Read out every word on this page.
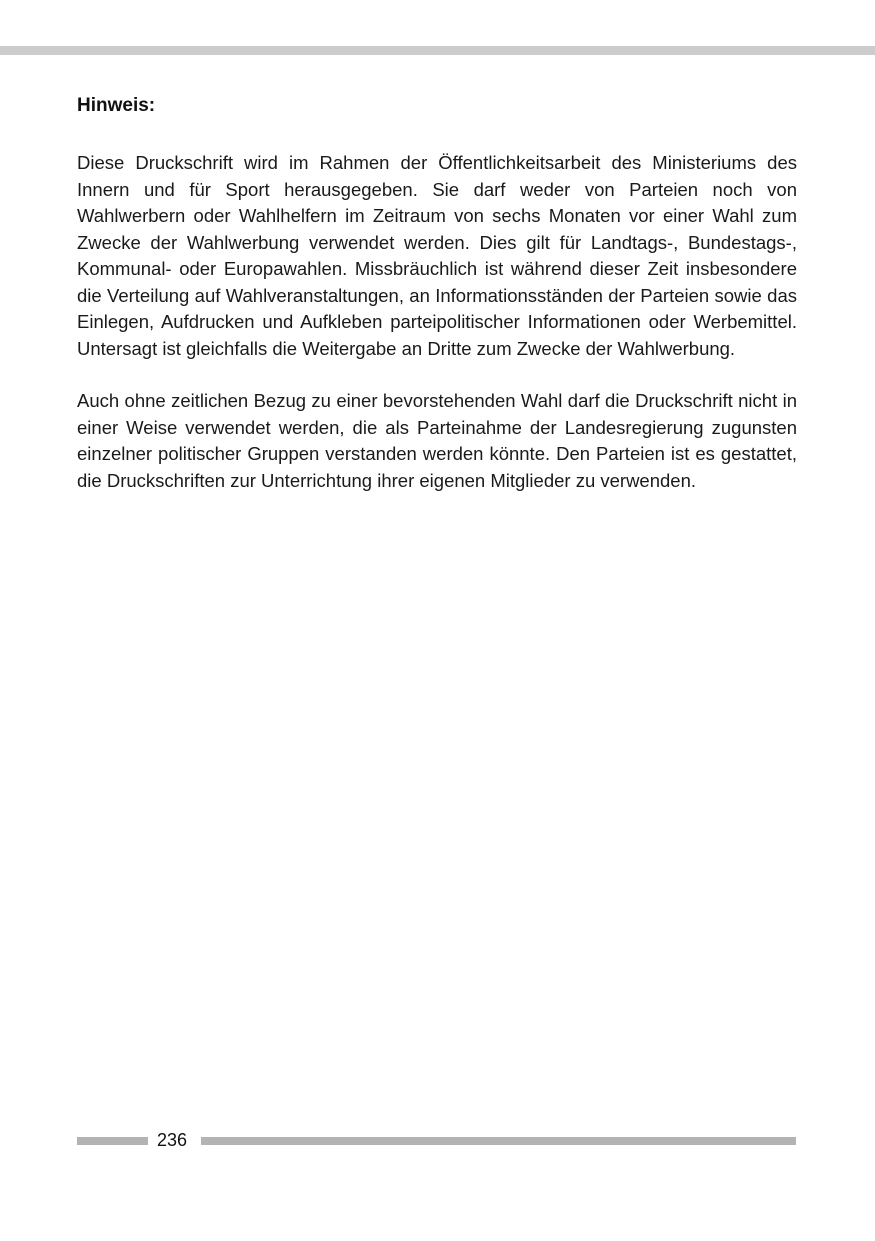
Hinweis:

Diese Druckschrift wird im Rahmen der Öffentlichkeitsarbeit des Ministeriums des Innern und für Sport herausgegeben. Sie darf weder von Parteien noch von Wahlwerbern oder Wahlhelfern im Zeitraum von sechs Monaten vor einer Wahl zum Zwecke der Wahlwerbung verwendet werden. Dies gilt für Landtags-, Bundestags-, Kommunal- oder Europawahlen. Missbräuchlich ist während dieser Zeit insbesondere die Verteilung auf Wahlveranstaltungen, an Informationsständen der Parteien sowie das Einlegen, Aufdrucken und Aufkleben parteipolitischer Informationen oder Werbemittel. Untersagt ist gleichfalls die Weitergabe an Dritte zum Zwecke der Wahlwerbung.

Auch ohne zeitlichen Bezug zu einer bevorstehenden Wahl darf die Druckschrift nicht in einer Weise verwendet werden, die als Parteinahme der Landesregierung zugunsten einzelner politischer Gruppen verstanden werden könnte. Den Parteien ist es gestattet, die Druckschriften zur Unterrichtung ihrer eigenen Mitglieder zu verwenden.

236
